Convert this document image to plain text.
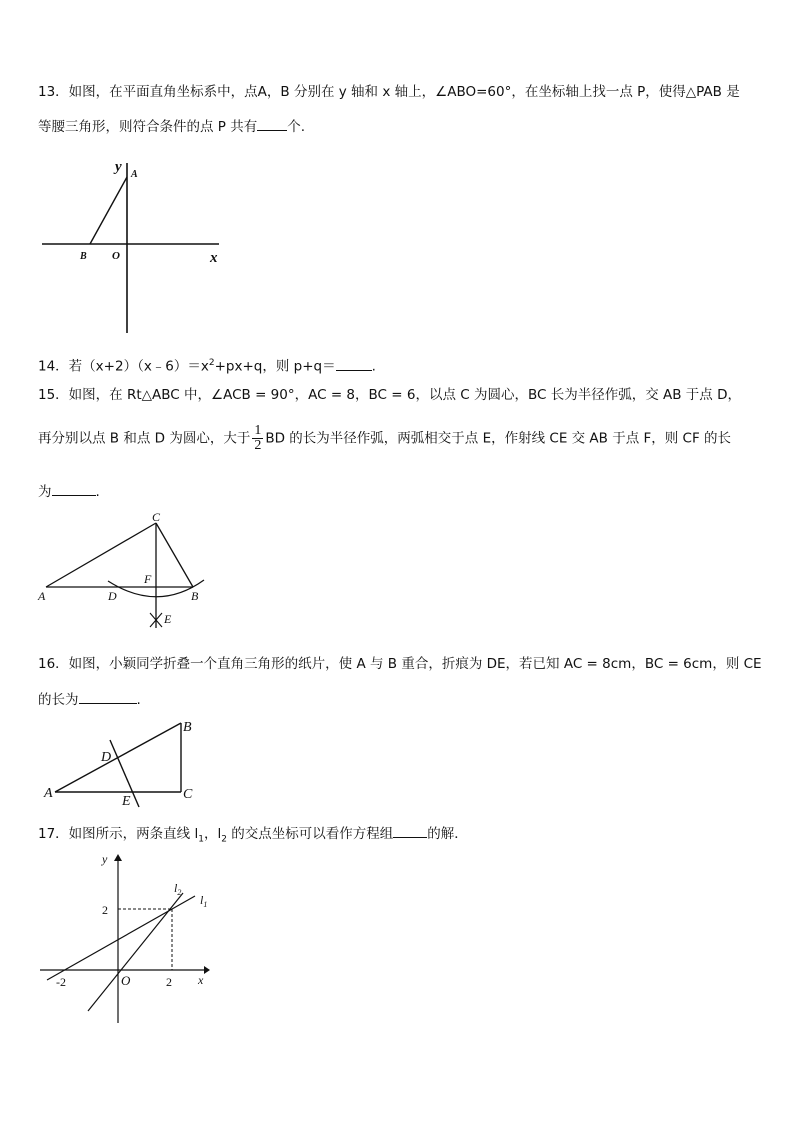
13．如图，在平面直角坐标系中，点A，B 分别在 y 轴和 x 轴上，∠ABO=60°，在坐标轴上找一点 P，使得△PAB 是
等腰三角形，则符合条件的点 P 共有 个.
y A
B O	x
14．若$(x+2)(x﹣6)=x^2+px+q$，则 p+q＝	.
15．如图，在 Rt△ABC 中，∠ACB = 90°，AC = 8，BC = 6，以点 C 为圆心，BC 长为半径作弧，交 AB 于点 D，
再分别以点 B 和点 D 为圆心，大于 $\frac{1}{2}$ BD 的长为半径作弧，两弧相交于点 E，作射线 CE 交 AB 于点 F，则 CF 的长
为	.
C
F
A	D	B
E
16．如图，小颖同学折叠一个直角三角形的纸片，使 A 与 B 重合，折痕为 DE，若已知 AC = 8cm，BC = 6cm，则 CE
的长为	.
B
D
A
E	C
17．如图所示，两条直线 $l_1$，$l_2$ 的交点坐标可以看作方程组	的解．
y
x
O
2
2
-2
$l_2$
$l_1$
